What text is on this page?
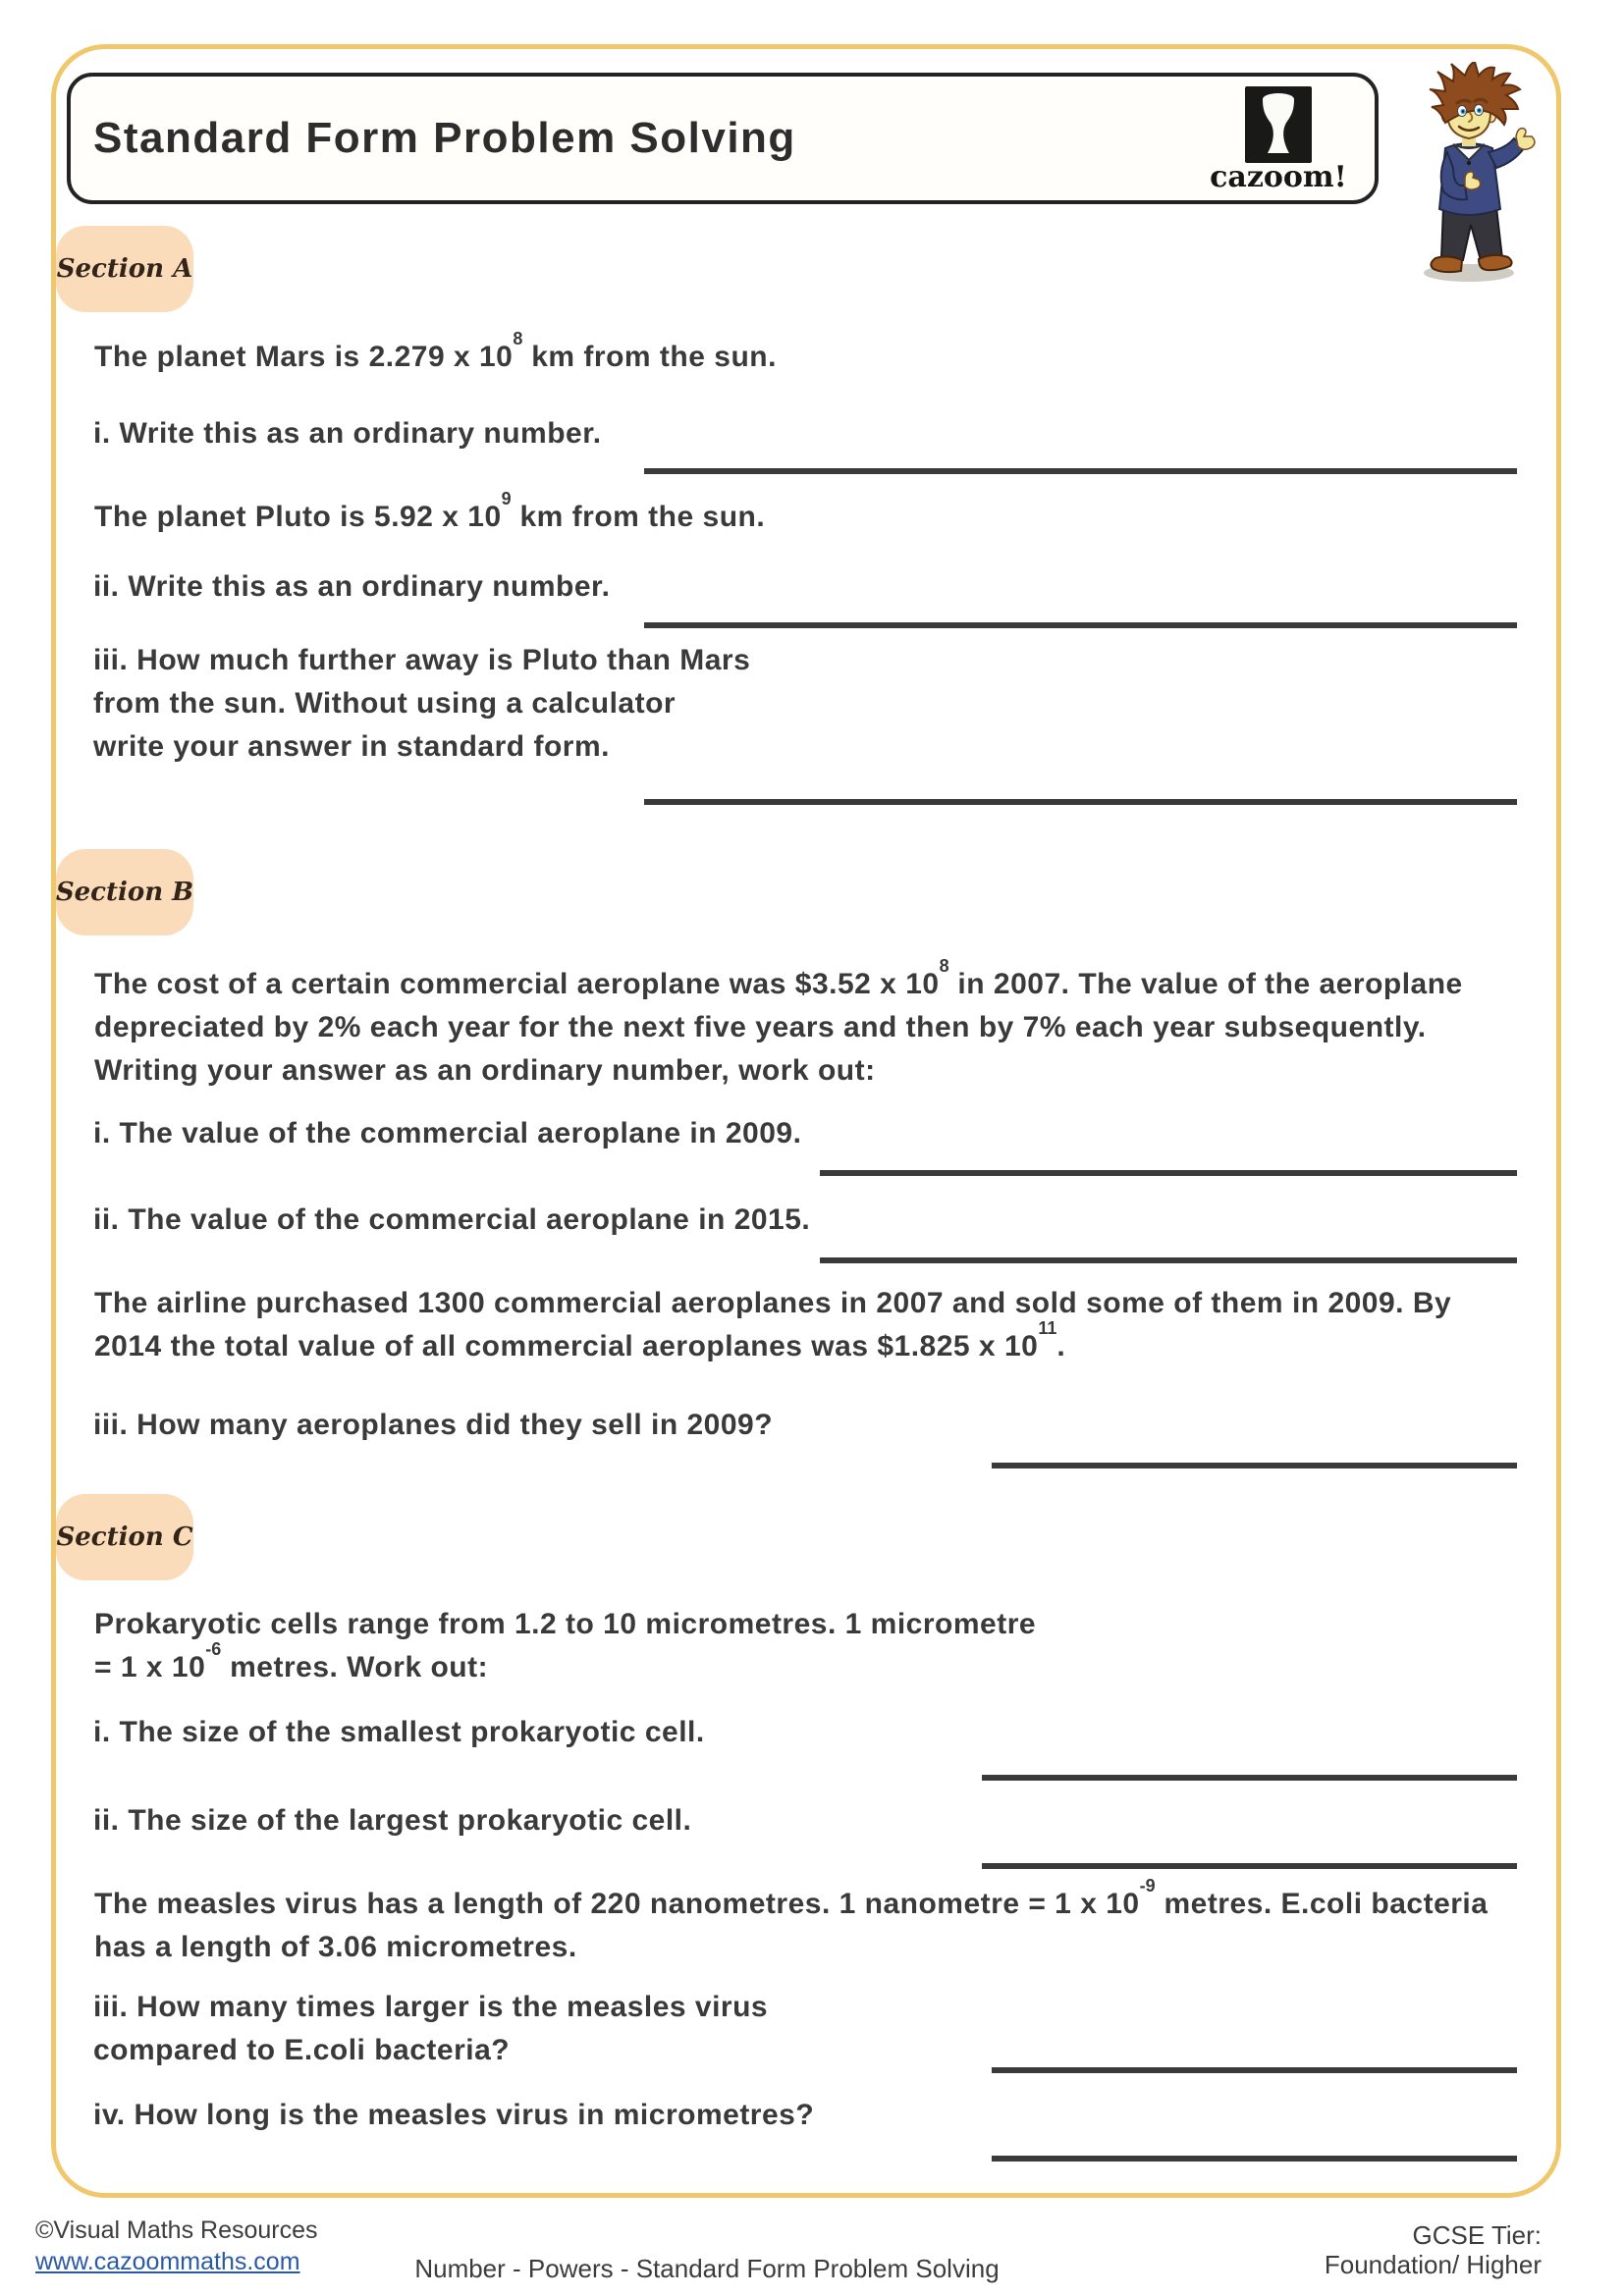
Standard Form Problem Solving
cazoom!
Section A
The planet Mars is 2.279 x $10^8$ km from the sun.
i. Write this as an ordinary number.
The planet Pluto is 5.92 x $10^9$ km from the sun.
ii. Write this as an ordinary number.
iii. How much further away is Pluto than Mars from the sun. Without using a calculator write your answer in standard form.
Section B
The cost of a certain commercial aeroplane was $3.52 x $10^8$ in 2007. The value of the aeroplane depreciated by 2% each year for the next five years and then by 7% each year subsequently. Writing your answer as an ordinary number, work out:
i. The value of the commercial aeroplane in 2009.
ii. The value of the commercial aeroplane in 2015.
The airline purchased 1300 commercial aeroplanes in 2007 and sold some of them in 2009. By 2014 the total value of all commercial aeroplanes was $1.825 x $10^{11}$.
iii. How many aeroplanes did they sell in 2009?
Section C
Prokaryotic cells range from 1.2 to 10 micrometres. 1 micrometre = 1 x $10^{-6}$ metres. Work out:
i. The size of the smallest prokaryotic cell.
ii. The size of the largest prokaryotic cell.
The measles virus has a length of 220 nanometres. 1 nanometre = 1 x $10^{-9}$ metres. E.coli bacteria has a length of 3.06 micrometres.
iii. How many times larger is the measles virus compared to E.coli bacteria?
iv. How long is the measles virus in micrometres?
©Visual Maths Resources
www.cazoommaths.com	Number - Powers - Standard Form Problem Solving
GCSE Tier:
Foundation/ Higher
